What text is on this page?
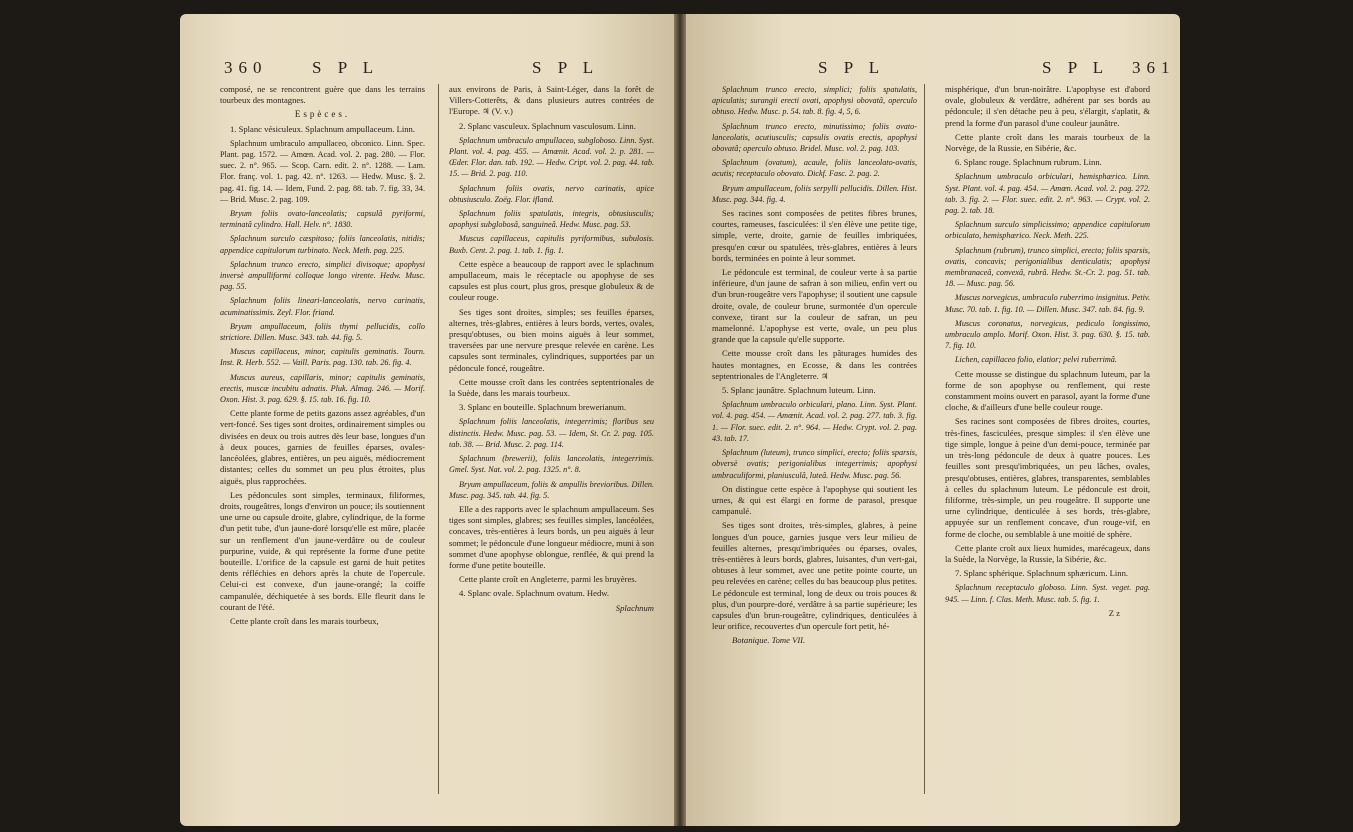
360	S P L	S P L

composé, ne se rencontrent guère que dans les terrains tourbeux des montagnes.

Espèces.

1. Splanc vésiculeux. Splachnum ampullaceum. Linn.

Splachnum umbraculo ampullaceo, obconico. Linn. Spec. Plant. pag. 1572. — Amœn. Acad. vol. 2. pag. 280. — Flor. suec. 2. n°. 965. — Scop. Carn. edit. 2. n°. 1288. — Lam. Flor. franç. vol. 1. pag. 42. n°. 1263. — Hedw. Musc. §. 2. pag. 41. fig. 14. — Idem, Fund. 2. pag. 88. tab. 7. fig. 33, 34. — Brid. Musc. 2. pag. 109.

Bryum foliis ovato-lanceolatis; capsulâ pyriformi, terminatâ cylindro. Hall. Helv. n°. 1830.

Splachnum surculo cæspitoso; foliis lanceolatis, nitidis; appendice capitulorum turbinato. Neck. Meth. pag. 225.

Splachnum trunco erecto, simplici divisoque; apophysi inversè ampulliformi colloque longo virente. Hedw. Musc. pag. 55.

Splachnum foliis lineari-lanceolatis, nervo carinatis, acuminatissimis. Zeyl. Flor. friand.

Bryum ampullaceum, foliis thymi pellucidis, collo strictiore. Dillen. Musc. 343. tab. 44. fig. 5.

Muscus capillaceus, minor, capitulis geminatis. Tourn. Inst. R. Herb. 552. — Vaill. Paris. pag. 130. tab. 26. fig. 4.

Muscus aureus, capillaris, minor; capitulis geminatis, erectis, muscæ incubitu adnatis. Pluk. Almag. 246. — Morif. Oxon. Hist. 3. pag. 629. §. 15. tab. 16. fig. 10.

Cette plante forme de petits gazons assez agréables, d'un vert-foncé. Ses tiges sont droites, ordinairement simples ou divisées en deux ou trois autres dès leur base, longues d'un à deux pouces, garnies de feuilles éparses, ovales-lancéolées, glabres, entières, un peu aiguës, médiocrement distantes; celles du sommet un peu plus étroites, plus aiguës, plus rapprochées.

Les pédoncules sont simples, terminaux, filiformes, droits, rougeâtres, longs d'environ un pouce; ils soutiennent une urne ou capsule droite, glabre, cylindrique, de la forme d'un petit tube, d'un jaune-doré lorsqu'elle est mûre, placée sur un renflement d'un jaune-verdâtre ou de couleur purpurine, vuide, & qui représente la forme d'une petite bouteille. L'orifice de la capsule est garni de huit petites dents réfléchies en dehors après la chute de l'opercule. Celui-ci est convexe, d'un jaune-orangé; la coiffe campanulée, déchiquetée à ses bords. Elle fleurit dans le courant de l'été.

Cette plante croît dans les marais tourbeux,

aux environs de Paris, à Saint-Léger, dans la forêt de Villers-Cotterêts, & dans plusieurs autres contrées de l'Europe. ♃ (V. v.)

2. Splanc vasculeux. Splachnum vasculosum. Linn.

Splachnum umbraculo ampullaceo, subgloboso. Linn. Syst. Plant. vol. 4. pag. 455. — Amœnit. Acad. vol. 2. p. 281. — Œder. Flor. dan. tab. 192. — Hedw. Cript. vol. 2. pag. 44. tab. 15. — Brid. 2. pag. 110.

Splachnum foliis ovatis, nervo carinatis, apice obtusiusculo. Zoëg. Flor. ifland.

Splachnum foliis spatulatis, integris, obtusiusculis; apophysi subglobosâ, sanguineâ. Hedw. Musc. pag. 53.

Muscus capillaceus, capitulis pyriformibus, subulosis. Buxb. Cent. 2. pag. 1. tab. 1. fig. 1.

Cette espèce a beaucoup de rapport avec le splachnum ampullaceum, mais le réceptacle ou apophyse de ses capsules est plus court, plus gros, presque globuleux & de couleur rouge.

Ses tiges sont droites, simples; ses feuilles éparses, alternes, très-glabres, entières à leurs bords, vertes, ovales, presqu'obtuses, ou bien moins aiguës à leur sommet, traversées par une nervure presque relevée en carène. Les capsules sont terminales, cylindriques, supportées par un pédoncule foncé, rougeâtre.

Cette mousse croît dans les contrées septentrionales de la Suède, dans les marais tourbeux.

3. Splanc en bouteille. Splachnum brewerianum.

Splachnum foliis lanceolatis, integerrimis; floribus seu distinctis. Hedw. Musc. pag. 53. — Idem, St. Cr. 2. pag. 105. tab. 38. — Brid. Musc. 2. pag. 114.

Splachnum (brewerii), foliis lanceolatis, integerrimis. Gmel. Syst. Nat. vol. 2. pag. 1325. n°. 8.

Bryum ampullaceum, foliis & ampullis brevioribus. Dillen. Musc. pag. 345. tab. 44. fig. 5.

Elle a des rapports avec le splachnum ampullaceum. Ses tiges sont simples, glabres; ses feuilles simples, lancéolées, concaves, très-entières à leurs bords, un peu aiguës à leur sommet; le pédoncule d'une longueur médiocre, muni à son sommet d'une apophyse oblongue, renflée, & qui prend la forme d'une petite bouteille.

Cette plante croît en Angleterre, parmi les bruyères.

4. Splanc ovale. Splachnum ovatum. Hedw.

Splachnum

S P L	S P L 361

Splachnum trunco erecto, simplici; foliis spatulatis, apiculatis; surangii erecti ovati, apophysi obovatâ, operculo obtuso. Hedw. Musc. p. 54. tab. 8. fig. 4, 5, 6.

Splachnum trunco erecto, minutissimo; foliis ovato-lanceolatis, acutiusculis; capsulis ovatis erectis, apophysi obovatâ; operculo obtuso. Bridel. Musc. vol. 2. pag. 103.

Splachnum (ovatum), acaule, foliis lanceolato-ovatis, acutis; receptaculo obovato. Dickf. Fasc. 2. pag. 2.

Bryum ampullaceum, foliis serpylli pellucidis. Dillen. Hist. Musc. pag. 344. fig. 4.

Ses racines sont composées de petites fibres brunes, courtes, rameuses, fasciculées: il s'en élève une petite tige, simple, verte, droite, garnie de feuilles imbriquées, presqu'en cœur ou spatulées, très-glabres, entières à leurs bords, terminées en pointe à leur sommet.

Le pédoncule est terminal, de couleur verte à sa partie inférieure, d'un jaune de safran à son milieu, enfin vert ou d'un brun-rougeâtre vers l'apophyse; il soutient une capsule droite, ovale, de couleur brune, surmontée d'un opercule convexe, tirant sur la couleur de safran, un peu mamelonné. L'apophyse est verte, ovale, un peu plus grande que la capsule qu'elle supporte.

Cette mousse croît dans les pâturages humides des hautes montagnes, en Ecosse, & dans les contrées septentrionales de l'Angleterre. ♃

5. Splanc jaunâtre. Splachnum luteum. Linn.

Splachnum umbraculo orbiculari, plano. Linn. Syst. Plant. vol. 4. pag. 454. — Amœnit. Acad. vol. 2. pag. 277. tab. 3. fig. 1. — Flor. suec. edit. 2. n°. 964. — Hedw. Crypt. vol. 2. pag. 43. tab. 17.

Splachnum (luteum), trunco simplici, erecto; foliis sparsis, obversè ovatis; perigonialibus integerrimis; apophysi umbraculiformi, planiusculâ, luteâ. Hedw. Musc. pag. 56.

On distingue cette espèce à l'apophyse qui soutient les urnes, & qui est élargi en forme de parasol, presque campanulé.

Ses tiges sont droites, très-simples, glabres, à peine longues d'un pouce, garnies jusque vers leur milieu de feuilles alternes, presqu'imbriquées ou éparses, ovales, très-entières à leurs bords, glabres, luisantes, d'un vert-gai, obtuses à leur sommet, avec une petite pointe courte, un peu relevées en carène; celles du bas beaucoup plus petites. Le pédoncule est terminal, long de deux ou trois pouces & plus, d'un pourpre-doré, verdâtre à sa partie supérieure; les capsules d'un brun-rougeâtre, cylindriques, denticulées à leur orifice, recouvertes d'un opercule fort petit, hé-

Botanique. Tome VII.

misphérique, d'un brun-noirâtre. L'apophyse est d'abord ovale, globuleux & verdâtre, adhérent par ses bords au pédoncule; il s'en détache peu à peu, s'élargit, s'aplatit, & prend la forme d'un parasol d'une couleur jaunâtre.

Cette plante croît dans les marais tourbeux de la Norvège, de la Russie, en Sibérie, &c.

6. Splanc rouge. Splachnum rubrum. Linn.

Splachnum umbraculo orbiculari, hemisphærico. Linn. Syst. Plant. vol. 4. pag. 454. — Amœn. Acad. vol. 2. pag. 272. tab. 3. fig. 2. — Flor. suec. edit. 2. n°. 963. — Crypt. vol. 2. pag. 2. tab. 18.

Splachnum surculo simplicissimo; appendice capitulorum orbiculato, hemisphærico. Neck. Meth. 225.

Splachnum (rubrum), trunco simplici, erecto; foliis sparsis, ovatis, concavis; perigonialibus denticulatis; apophysi membranaceâ, convexâ, rubrâ. Hedw. St.-Cr. 2. pag. 51. tab. 18. — Musc. pag. 56.

Muscus norvegicus, umbraculo ruberrimo insignitus. Petiv. Musc. 70. tab. 1. fig. 10. — Dillen. Musc. 347. tab. 84. fig. 9.

Muscus coronatus, norvegicus, pediculo longissimo, umbraculo amplo. Morif. Oxon. Hist. 3. pag. 630. §. 15. tab. 7. fig. 10.

Lichen, capillaceo folio, elatior; pelvi ruberrimâ.

Cette mousse se distingue du splachnum luteum, par la forme de son apophyse ou renflement, qui reste constamment moins ouvert en parasol, ayant la forme d'une cloche, & d'ailleurs d'une belle couleur rouge.

Ses racines sont composées de fibres droites, courtes, très-fines, fasciculées, presque simples: il s'en élève une tige simple, longue à peine d'un demi-pouce, terminée par un très-long pédoncule de deux à quatre pouces. Les feuilles sont presqu'imbriquées, un peu lâches, ovales, presqu'obtuses, entières, glabres, transparentes, semblables à celles du splachnum luteum. Le pédoncule est droit, filiforme, très-simple, un peu rougeâtre. Il supporte une urne cylindrique, denticulée à ses bords, très-glabre, appuyée sur un renflement concave, d'un rouge-vif, en forme de cloche, ou semblable à une moitié de sphère.

Cette plante croît aux lieux humides, marécageux, dans la Suède, la Norvège, la Russie, la Sibérie, &c.

7. Splanc sphérique. Splachnum sphæricum. Linn.

Splachnum receptaculo globoso. Linn. Syst. veget. pag. 945. — Linn. f. Clas. Meth. Musc. tab. 5. fig. 1.

Z z
